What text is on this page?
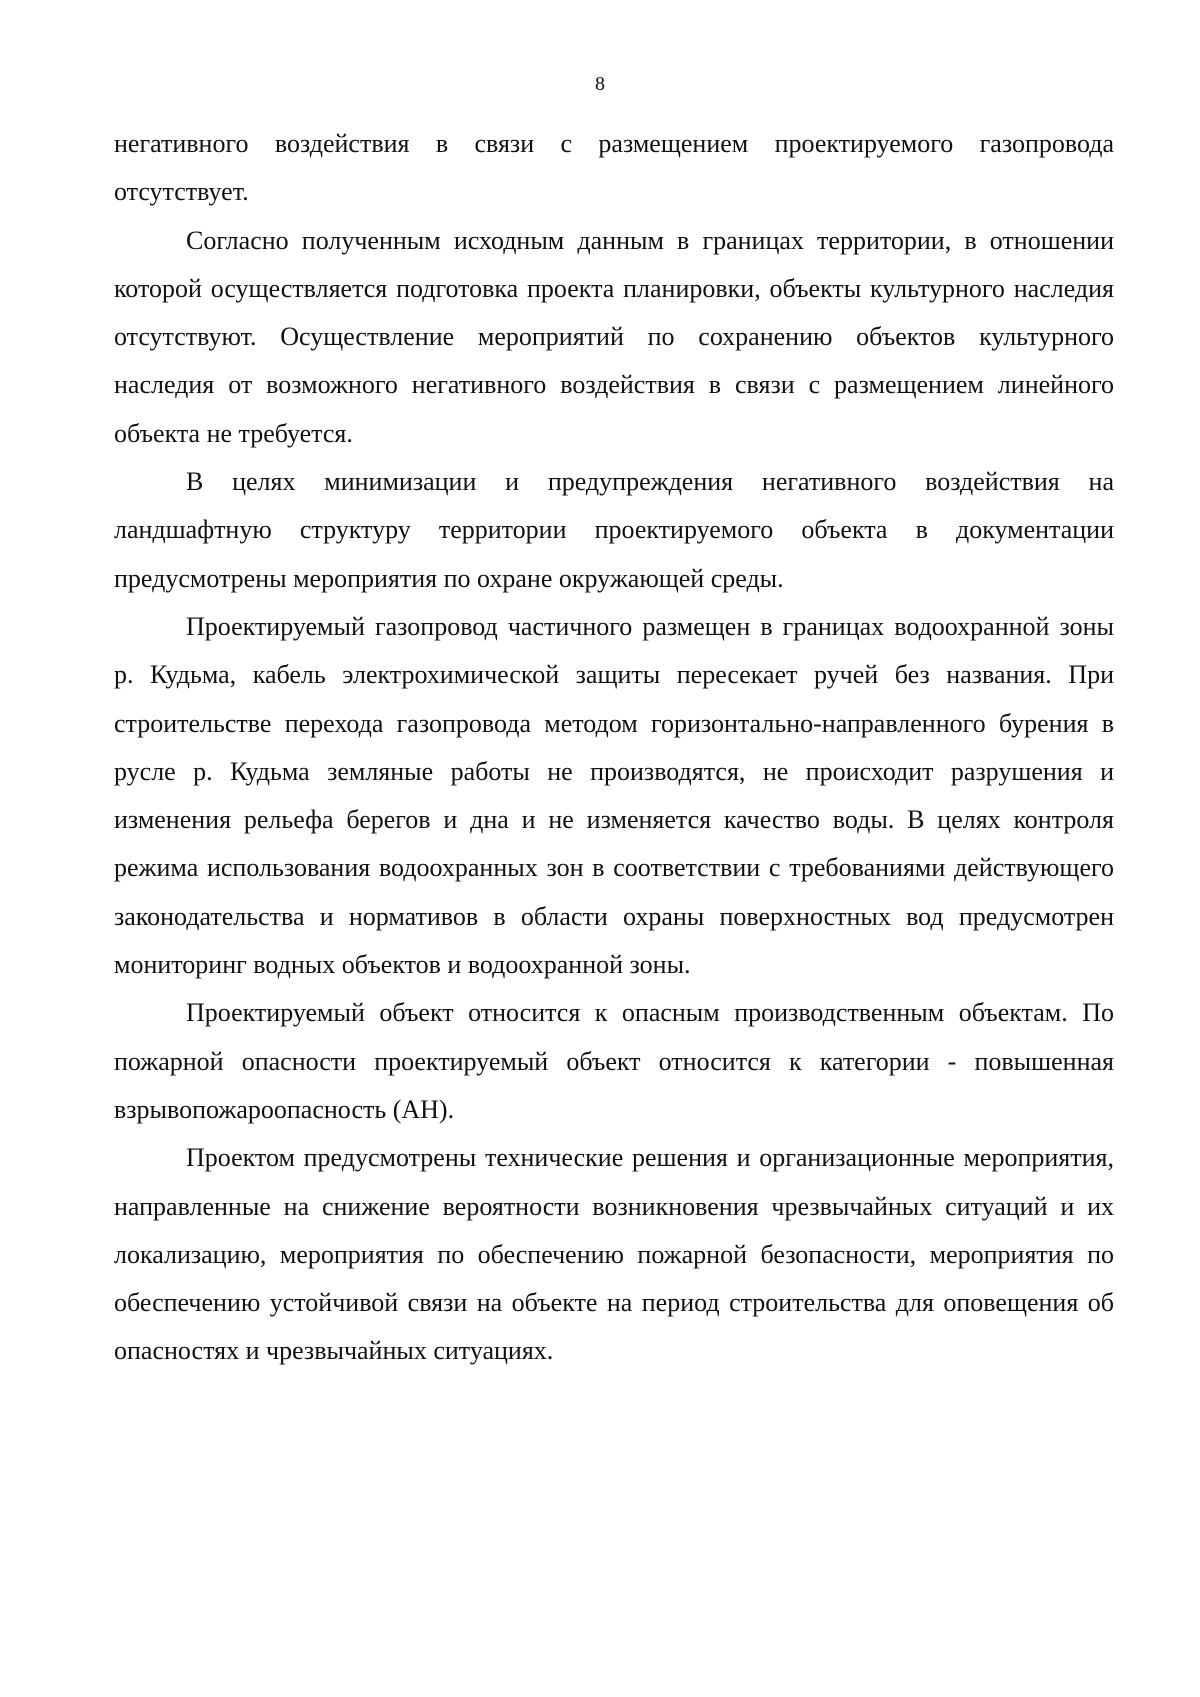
8

негативного воздействия в связи с размещением проектируемого газопровода отсутствует.

Согласно полученным исходным данным в границах территории, в отношении которой осуществляется подготовка проекта планировки, объекты культурного наследия отсутствуют. Осуществление мероприятий по сохранению объектов культурного наследия от возможного негативного воздействия в связи с размещением линейного объекта не требуется.

В целях минимизации и предупреждения негативного воздействия на ландшафтную структуру территории проектируемого объекта в документации предусмотрены мероприятия по охране окружающей среды.

Проектируемый газопровод частичного размещен в границах водоохранной зоны р. Кудьма, кабель электрохимической защиты пересекает ручей без названия. При строительстве перехода газопровода методом горизонтально-направленного бурения в русле р. Кудьма земляные работы не производятся, не происходит разрушения и изменения рельефа берегов и дна и не изменяется качество воды. В целях контроля режима использования водоохранных зон в соответствии с требованиями действующего законодательства и нормативов в области охраны поверхностных вод предусмотрен мониторинг водных объектов и водоохранной зоны.

Проектируемый объект относится к опасным производственным объектам. По пожарной опасности проектируемый объект относится к категории - повышенная взрывопожароопасность (АН).

Проектом предусмотрены технические решения и организационные мероприятия, направленные на снижение вероятности возникновения чрезвычайных ситуаций и их локализацию, мероприятия по обеспечению пожарной безопасности, мероприятия по обеспечению устойчивой связи на объекте на период строительства для оповещения об опасностях и чрезвычайных ситуациях.
